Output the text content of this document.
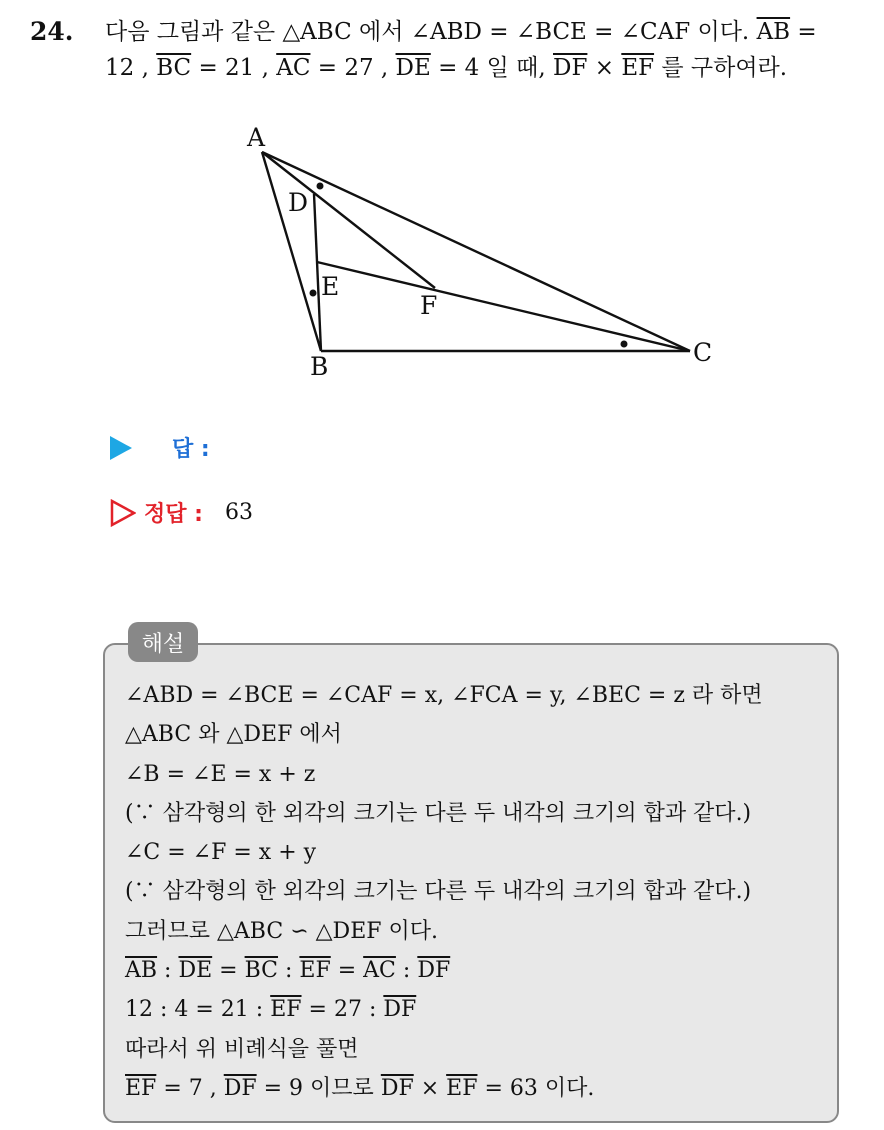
24. 다음 그림과 같은 △ABC 에서 ∠ABD = ∠BCE = ∠CAF 이다. $\overline{AB}$ =
12 , $\overline{BC} = 21$ , $\overline{AC} = 27$ , $\overline{DE} = 4$ 일 때, $\overline{DF} \times \overline{EF}$ 를 구하여라.
A
B	C
D
E
F
답 :
정답 : 63
해설
∠ABD = ∠BCE = ∠CAF = x, ∠FCA = y, ∠BEC = z 라 하면
△ABC 와 △DEF 에서
∠B = ∠E = x + z
(∵ 삼각형의 한 외각의 크기는 다른 두 내각의 크기의 합과 같다.)
∠C = ∠F = x + y
(∵ 삼각형의 한 외각의 크기는 다른 두 내각의 크기의 합과 같다.)
그러므로 △ABC ∽ △DEF 이다.
$\overline{AB}$ : $\overline{DE} = \overline{BC}$ : $\overline{EF} = \overline{AC}$ : $\overline{DF}$
12 : 4 = 21 : $\overline{EF} = 27$ : $\overline{DF}$
따라서 위 비례식을 풀면
$\overline{EF} = 7$ , $\overline{DF} = 9$ 이므로 $\overline{DF} \times \overline{EF} = 63$ 이다.
